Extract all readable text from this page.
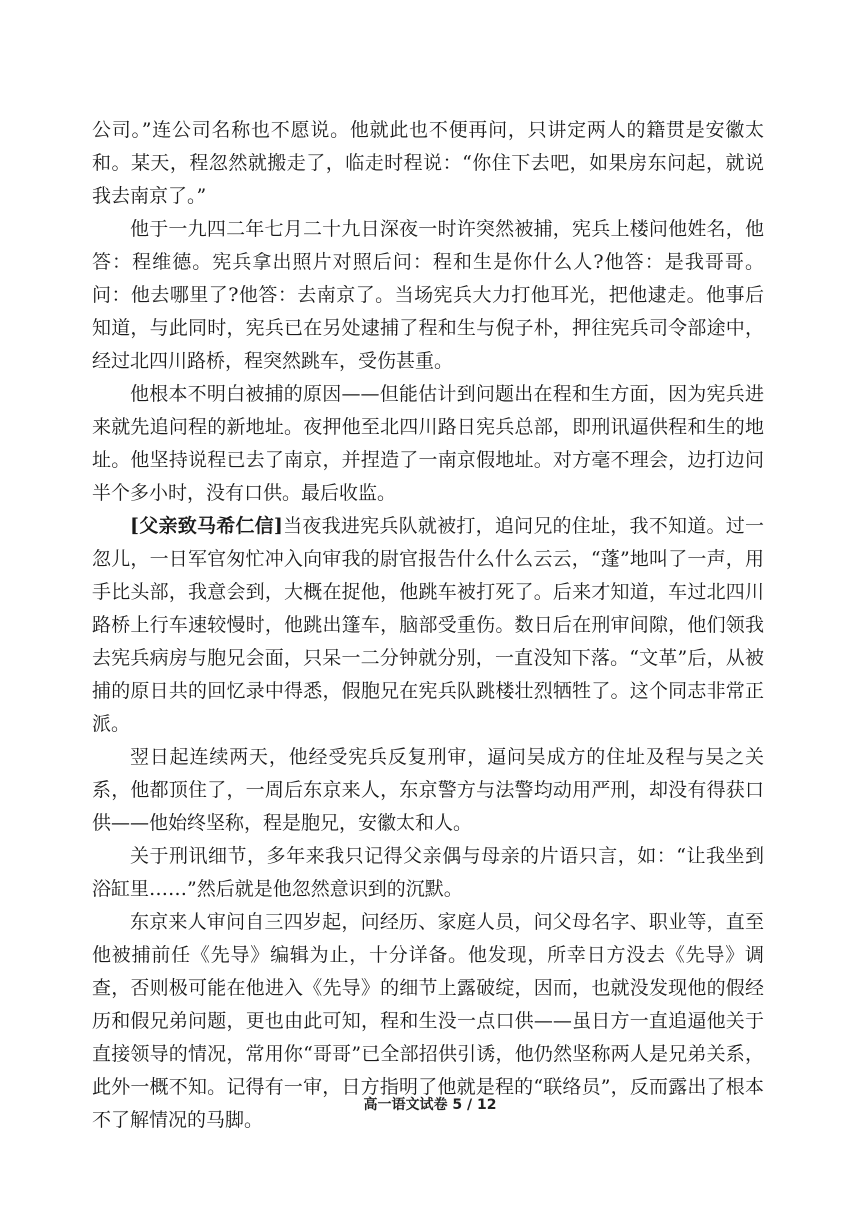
公司。”连公司名称也不愿说。他就此也不便再问，只讲定两人的籍贯是安徽太和。某天，程忽然就搬走了，临走时程说：“你住下去吧，如果房东问起，就说我去南京了。”

他于一九四二年七月二十九日深夜一时许突然被捕，宪兵上楼问他姓名，他答：程维德。宪兵拿出照片对照后问：程和生是你什么人?他答：是我哥哥。问：他去哪里了?他答：去南京了。当场宪兵大力打他耳光，把他逮走。他事后知道，与此同时，宪兵已在另处逮捕了程和生与倪子朴，押往宪兵司令部途中，经过北四川路桥，程突然跳车，受伤甚重。

他根本不明白被捕的原因——但能估计到问题出在程和生方面，因为宪兵进来就先追问程的新地址。夜押他至北四川路日宪兵总部，即刑讯逼供程和生的地址。他坚持说程已去了南京，并捏造了一南京假地址。对方毫不理会，边打边问半个多小时，没有口供。最后收监。

[父亲致马希仁信]当夜我进宪兵队就被打，追问兄的住址，我不知道。过一忽儿，一日军官匆忙冲入向审我的尉官报告什么什么云云，“蓬”地叫了一声，用手比头部，我意会到，大概在捉他，他跳车被打死了。后来才知道，车过北四川路桥上行车速较慢时，他跳出篷车，脑部受重伤。数日后在刑审间隙，他们领我去宪兵病房与胞兄会面，只呆一二分钟就分别，一直没知下落。“文革”后，从被捕的原日共的回忆录中得悉，假胞兄在宪兵队跳楼壮烈牺牲了。这个同志非常正派。

翌日起连续两天，他经受宪兵反复刑审，逼问吴成方的住址及程与吴之关系，他都顶住了，一周后东京来人，东京警方与法警均动用严刑，却没有得获口供——他始终坚称，程是胞兄，安徽太和人。

关于刑讯细节，多年来我只记得父亲偶与母亲的片语只言，如：“让我坐到浴缸里……”然后就是他忽然意识到的沉默。

东京来人审问自三四岁起，问经历、家庭人员，问父母名字、职业等，直至他被捕前任《先导》编辑为止，十分详备。他发现，所幸日方没去《先导》调查，否则极可能在他进入《先导》的细节上露破绽，因而，也就没发现他的假经历和假兄弟问题，更也由此可知，程和生没一点口供——虽日方一直追逼他关于直接领导的情况，常用你“哥哥”已全部招供引诱，他仍然坚称两人是兄弟关系，此外一概不知。记得有一审，日方指明了他就是程的“联络员”，反而露出了根本不了解情况的马脚。

高一语文试卷 5 / 12
